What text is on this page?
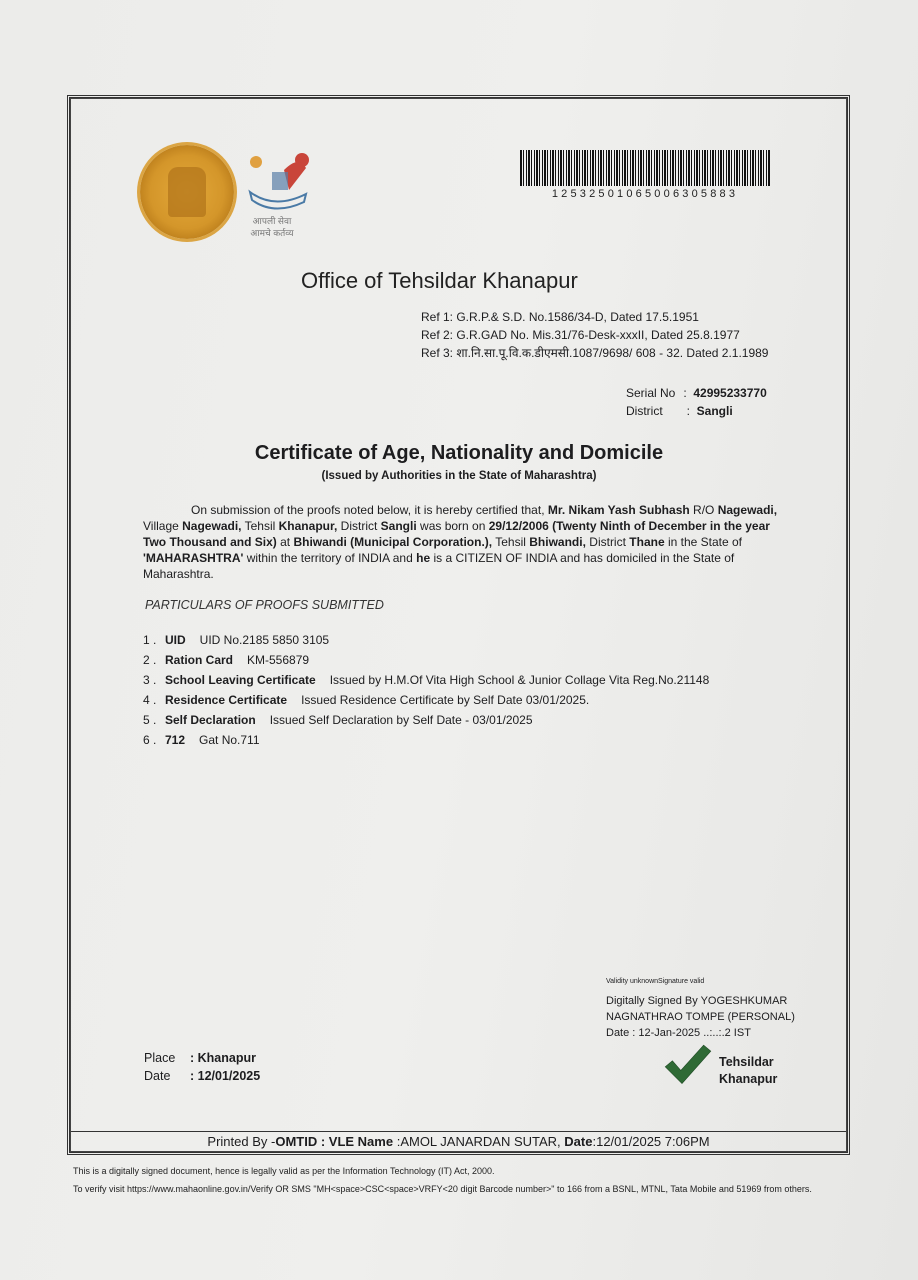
आपली सेवा
आमचे कर्तव्य
12532501065006305883
Office of Tehsildar Khanapur
Ref 1: G.R.P.& S.D. No.1586/34-D, Dated 17.5.1951
Ref 2: G.R.GAD No. Mis.31/76-Desk-xxxII, Dated 25.8.1977
Ref 3: शा.नि.सा.पू.वि.क.डीएमसी.1087/9698/ 608 - 32. Dated 2.1.1989
Serial No :  42995233770
District  :  Sangli
Certificate of Age, Nationality and Domicile
(Issued by Authorities in the State of Maharashtra)
On submission of the proofs noted below, it is hereby certified that, Mr. Nikam Yash Subhash R/O Nagewadi, Village Nagewadi, Tehsil Khanapur, District Sangli was born on 29/12/2006 (Twenty Ninth of December in the year Two Thousand and Six) at Bhiwandi (Municipal Corporation.), Tehsil Bhiwandi, District Thane in the State of 'MAHARASHTRA' within the territory of INDIA and he is a CITIZEN OF INDIA and has domiciled in the State of Maharashtra.
PARTICULARS OF PROOFS SUBMITTED
1 . UID UID No.2185 5850 3105
2 . Ration Card KM-556879
3 . School Leaving Certificate Issued by H.M.Of Vita High School & Junior Collage Vita Reg.No.21148
4 . Residence Certificate Issued Residence Certificate by Self Date 03/01/2025.
5 . Self Declaration Issued Self Declaration by Self Date - 03/01/2025
6 . 712 Gat No.711
Validity unknownSignature valid
Digitally Signed By YOGESHKUMAR
NAGNATHRAO TOMPE (PERSONAL)
Date : 12-Jan-2025 ..:..:.2 IST
Tehsildar
Khanapur
Place : Khanapur
Date : 12/01/2025
Printed By -OMTID : VLE Name :AMOL JANARDAN SUTAR, Date:12/01/2025 7:06PM
This is a digitally signed document, hence is legally valid as per the Information Technology (IT) Act, 2000.
To verify visit https://www.mahaonline.gov.in/Verify OR SMS "MH<space>CSC<space>VRFY<20 digit Barcode number>" to 166 from a BSNL, MTNL, Tata Mobile and 51969 from others.
